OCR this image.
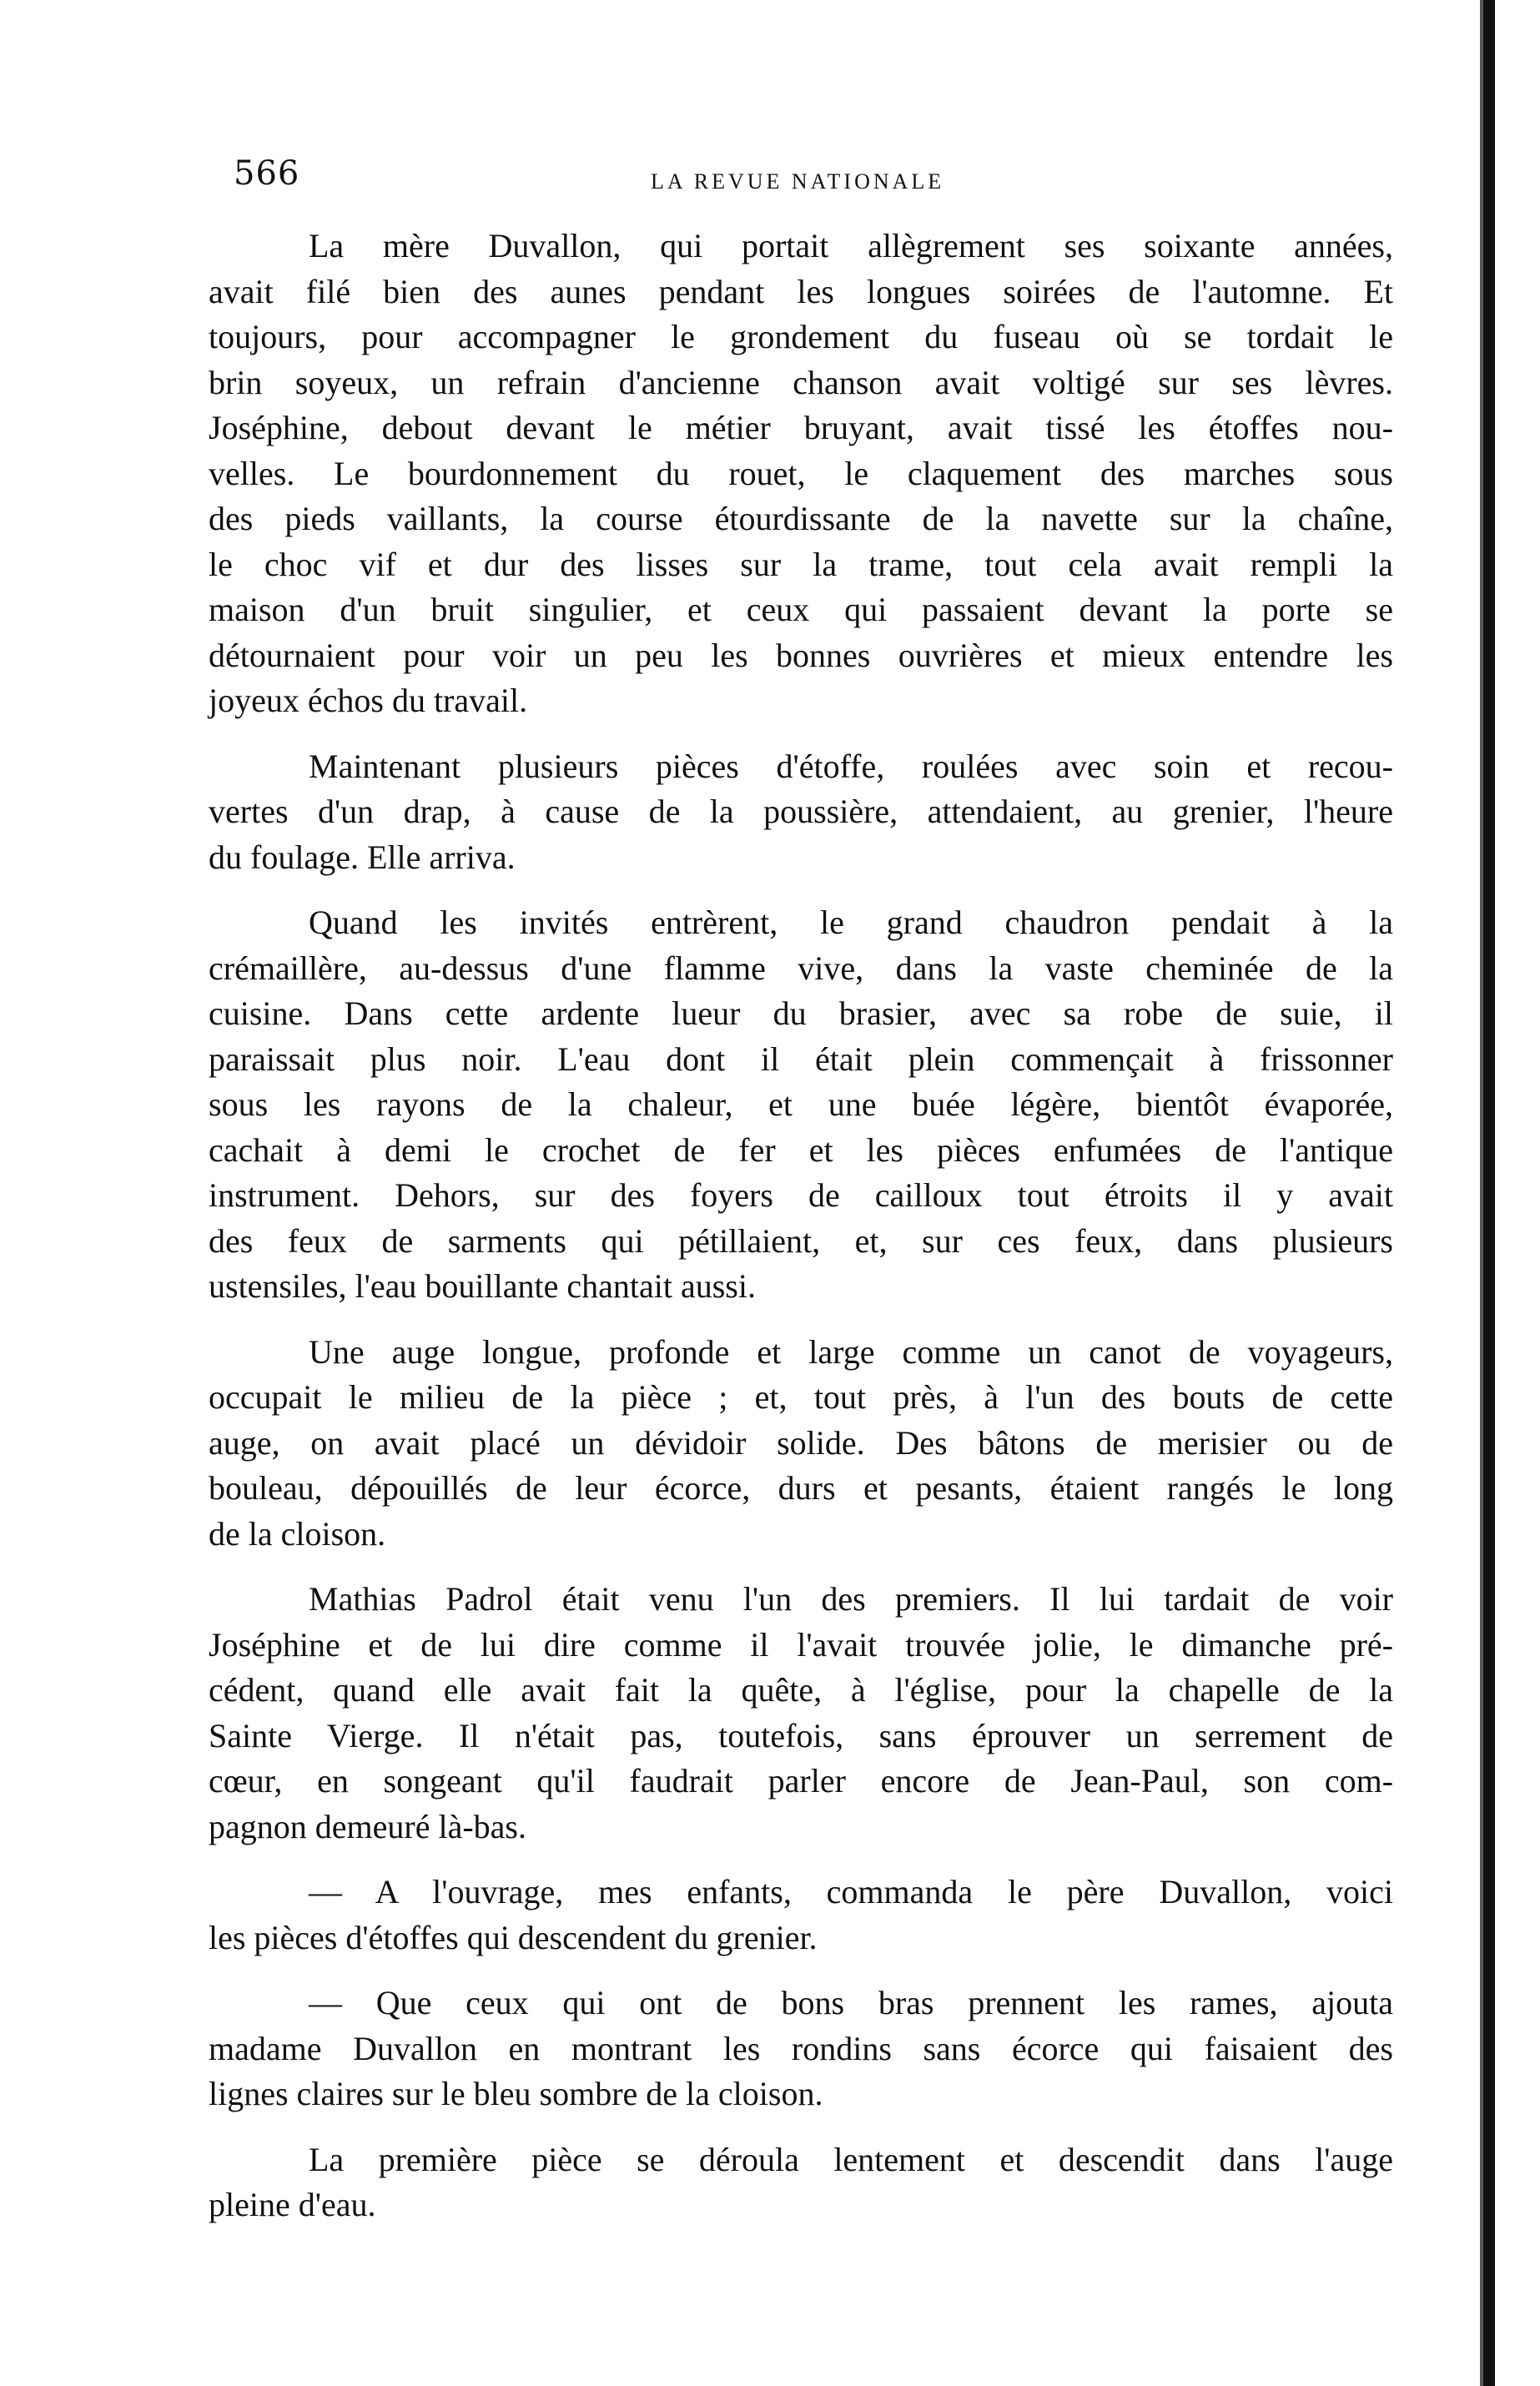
566	LA REVUE NATIONALE

La mère Duvallon, qui portait allègrement ses soixante années,
avait filé bien des aunes pendant les longues soirées de l'automne. Et
toujours, pour accompagner le grondement du fuseau où se tordait le
brin soyeux, un refrain d'ancienne chanson avait voltigé sur ses lèvres.
Joséphine, debout devant le métier bruyant, avait tissé les étoffes nou-
velles. Le bourdonnement du rouet, le claquement des marches sous
des pieds vaillants, la course étourdissante de la navette sur la chaîne,
le choc vif et dur des lisses sur la trame, tout cela avait rempli la
maison d'un bruit singulier, et ceux qui passaient devant la porte se
détournaient pour voir un peu les bonnes ouvrières et mieux entendre les
joyeux échos du travail.

Maintenant plusieurs pièces d'étoffe, roulées avec soin et recou-
vertes d'un drap, à cause de la poussière, attendaient, au grenier, l'heure
du foulage. Elle arriva.

Quand les invités entrèrent, le grand chaudron pendait à la
crémaillère, au-dessus d'une flamme vive, dans la vaste cheminée de la
cuisine. Dans cette ardente lueur du brasier, avec sa robe de suie, il
paraissait plus noir. L'eau dont il était plein commençait à frissonner
sous les rayons de la chaleur, et une buée légère, bientôt évaporée,
cachait à demi le crochet de fer et les pièces enfumées de l'antique
instrument. Dehors, sur des foyers de cailloux tout étroits il y avait
des feux de sarments qui pétillaient, et, sur ces feux, dans plusieurs
ustensiles, l'eau bouillante chantait aussi.

Une auge longue, profonde et large comme un canot de voyageurs,
occupait le milieu de la pièce ; et, tout près, à l'un des bouts de cette
auge, on avait placé un dévidoir solide. Des bâtons de merisier ou de
bouleau, dépouillés de leur écorce, durs et pesants, étaient rangés le long
de la cloison.

Mathias Padrol était venu l'un des premiers. Il lui tardait de voir
Joséphine et de lui dire comme il l'avait trouvée jolie, le dimanche pré-
cédent, quand elle avait fait la quête, à l'église, pour la chapelle de la
Sainte Vierge. Il n'était pas, toutefois, sans éprouver un serrement de
cœur, en songeant qu'il faudrait parler encore de Jean-Paul, son com-
pagnon demeuré là-bas.

— A l'ouvrage, mes enfants, commanda le père Duvallon, voici
les pièces d'étoffes qui descendent du grenier.

— Que ceux qui ont de bons bras prennent les rames, ajouta
madame Duvallon en montrant les rondins sans écorce qui faisaient des
lignes claires sur le bleu sombre de la cloison.

La première pièce se déroula lentement et descendit dans l'auge
pleine d'eau.
